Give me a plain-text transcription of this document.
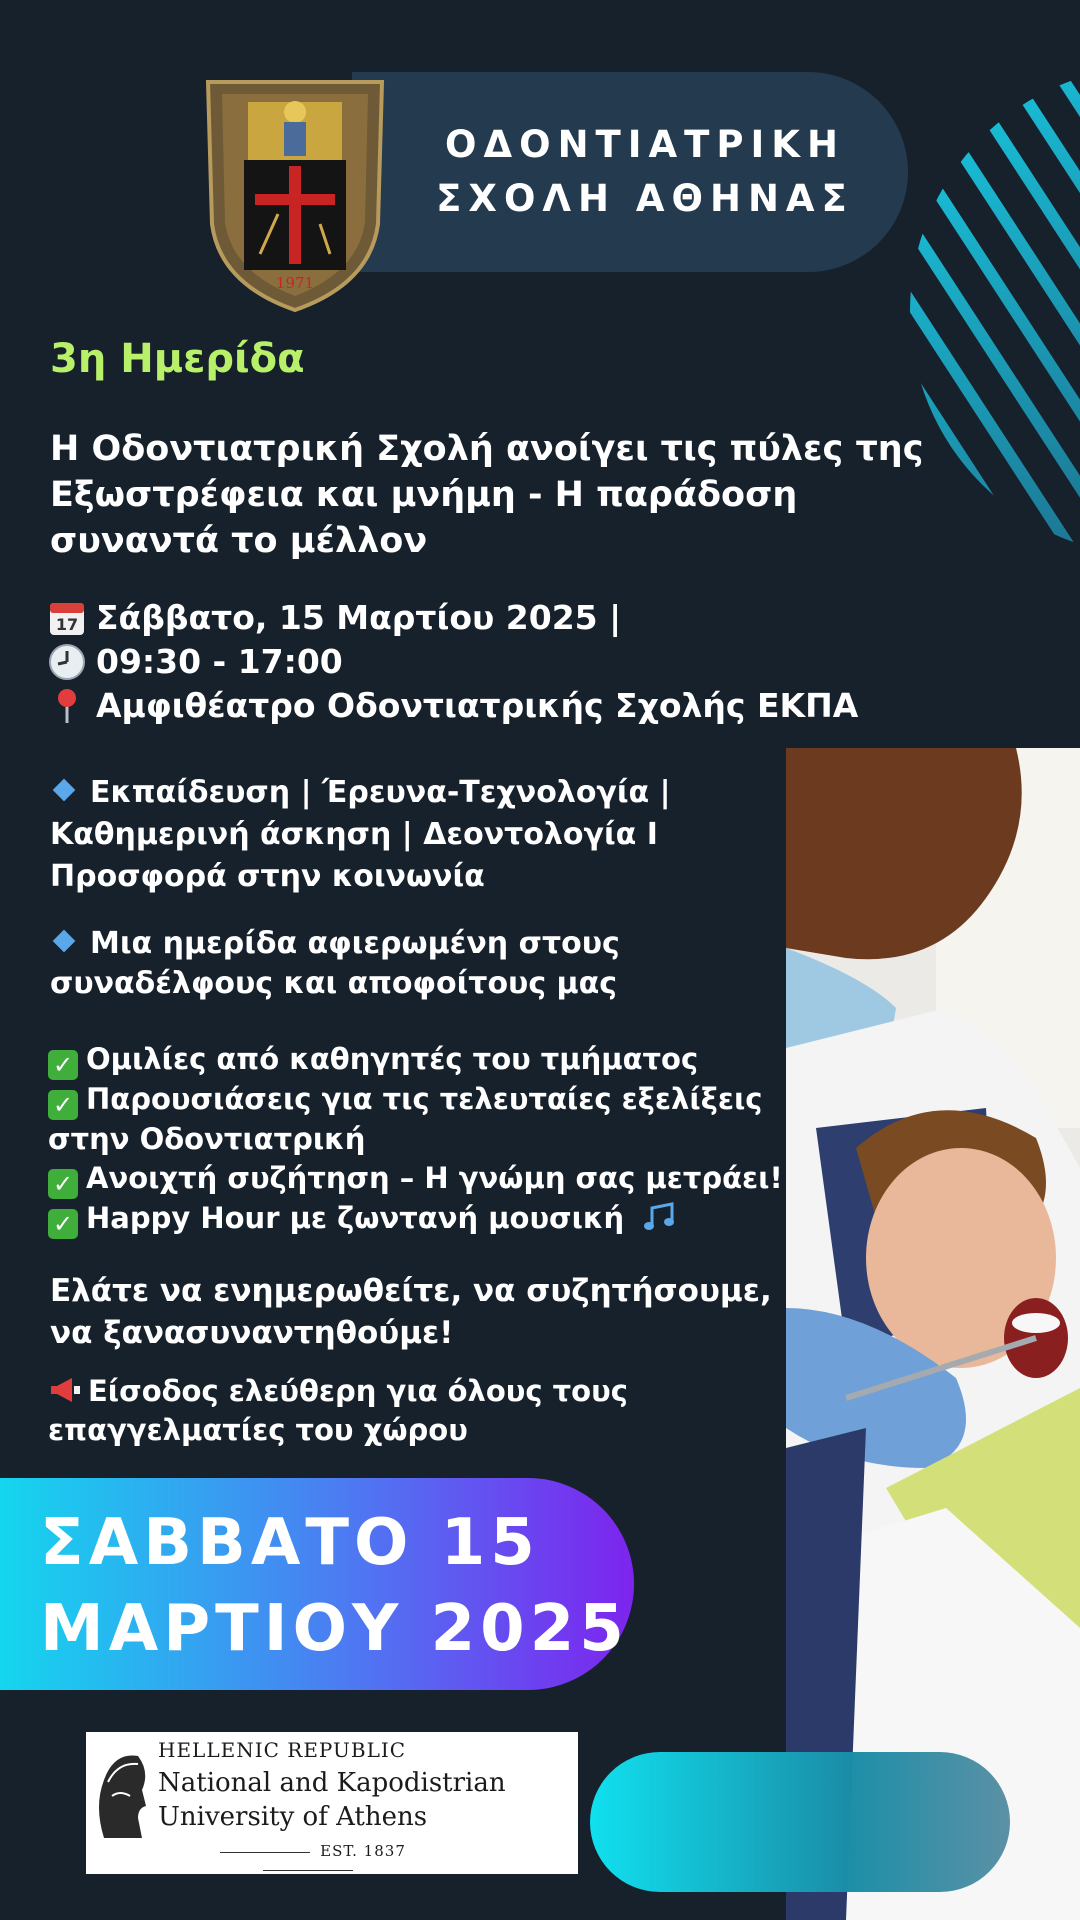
ΟΔΟΝΤΙΑΤΡΙΚΗ
ΣΧΟΛΗ ΑΘΗΝΑΣ
1971
3η Ημερίδα
Η Οδοντιατρική Σχολή ανοίγει τις πύλες της Εξωστρέφεια και μνήμη - Η παράδοση συναντά το μέλλον
17 Σάββατο, 15 Μαρτίου 2025 |
09:30 - 17:00
Αμφιθέατρο Οδοντιατρικής Σχολής ΕΚΠΑ
Εκπαίδευση | Έρευνα-Τεχνολογία |
Καθημερινή άσκηση | Δεοντολογία Ι
Προσφορά στην κοινωνία
Μια ημερίδα αφιερωμένη στους
συναδέλφους και αποφοίτους μας
✓ Ομιλίες από καθηγητές του τμήματος
✓ Παρουσιάσεις για τις τελευταίες εξελίξεις
στην Οδοντιατρική
✓ Ανοιχτή συζήτηση – Η γνώμη σας μετράει!
✓ Happy Hour με ζωντανή μουσική
Ελάτε να ενημερωθείτε, να συζητήσουμε,
να ξανασυναντηθούμε!
Είσοδος ελεύθερη για όλους τους
επαγγελματίες του χώρου
ΣΑΒΒΑΤΟ 15
ΜΑΡΤΙΟΥ 2025
HELLENIC REPUBLIC
National and Kapodistrian
University of Athens
EST. 1837
